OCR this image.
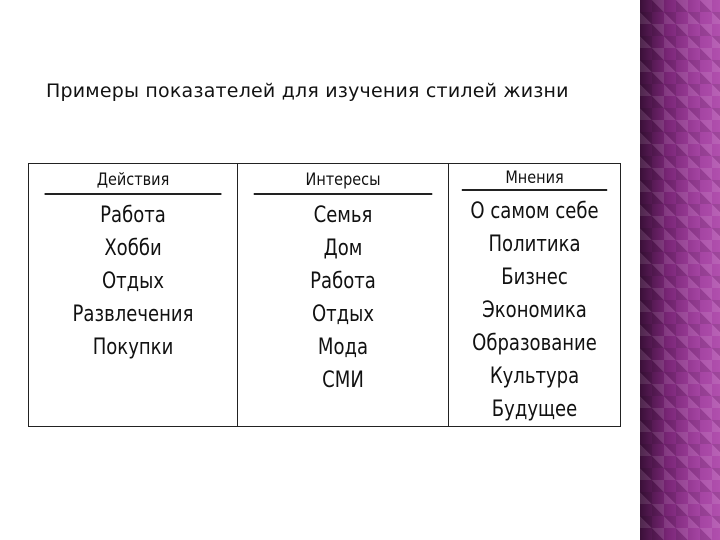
Примеры показателей для изучения стилей жизни
Действия
Работа
Хобби
Отдых
Развлечения
Покупки
Интересы
Семья
Дом
Работа
Отдых
Мода
СМИ
Мнения
О самом себе
Политика
Бизнес
Экономика
Образование
Культура
Будущее
